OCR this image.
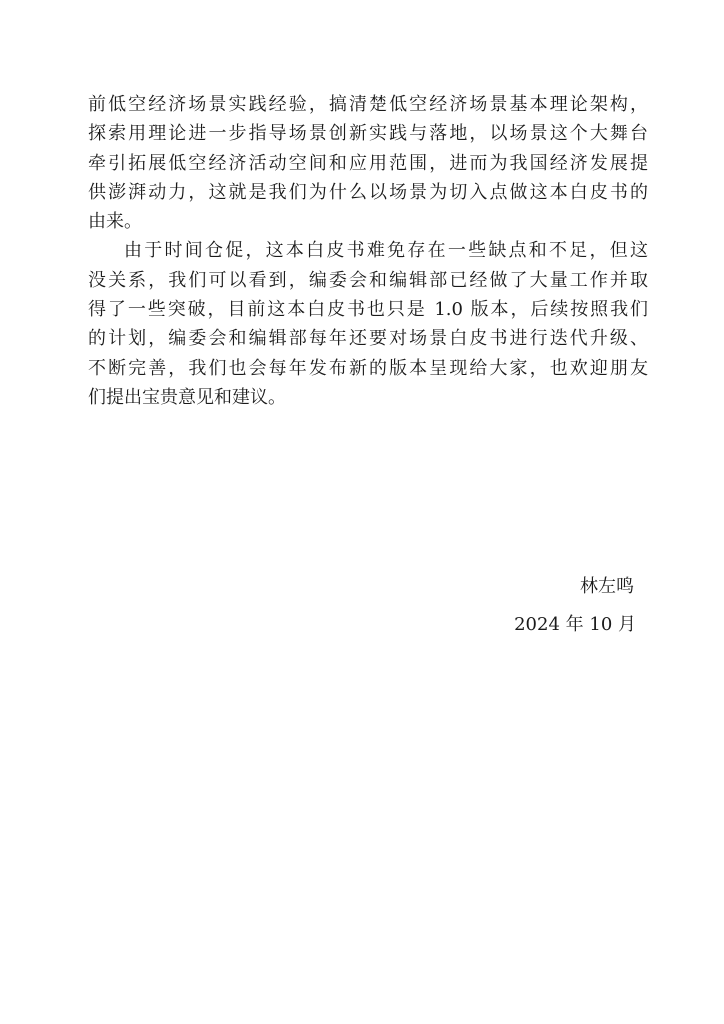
前低空经济场景实践经验，搞清楚低空经济场景基本理论架构，
探索用理论进一步指导场景创新实践与落地，以场景这个大舞台
牵引拓展低空经济活动空间和应用范围，进而为我国经济发展提
供澎湃动力，这就是我们为什么以场景为切入点做这本白皮书的
由来。
由于时间仓促，这本白皮书难免存在一些缺点和不足，但这
没关系，我们可以看到，编委会和编辑部已经做了大量工作并取
得了一些突破，目前这本白皮书也只是 1.0 版本，后续按照我们
的计划，编委会和编辑部每年还要对场景白皮书进行迭代升级、
不断完善，我们也会每年发布新的版本呈现给大家，也欢迎朋友
们提出宝贵意见和建议。
林左鸣
2024 年 10 月
